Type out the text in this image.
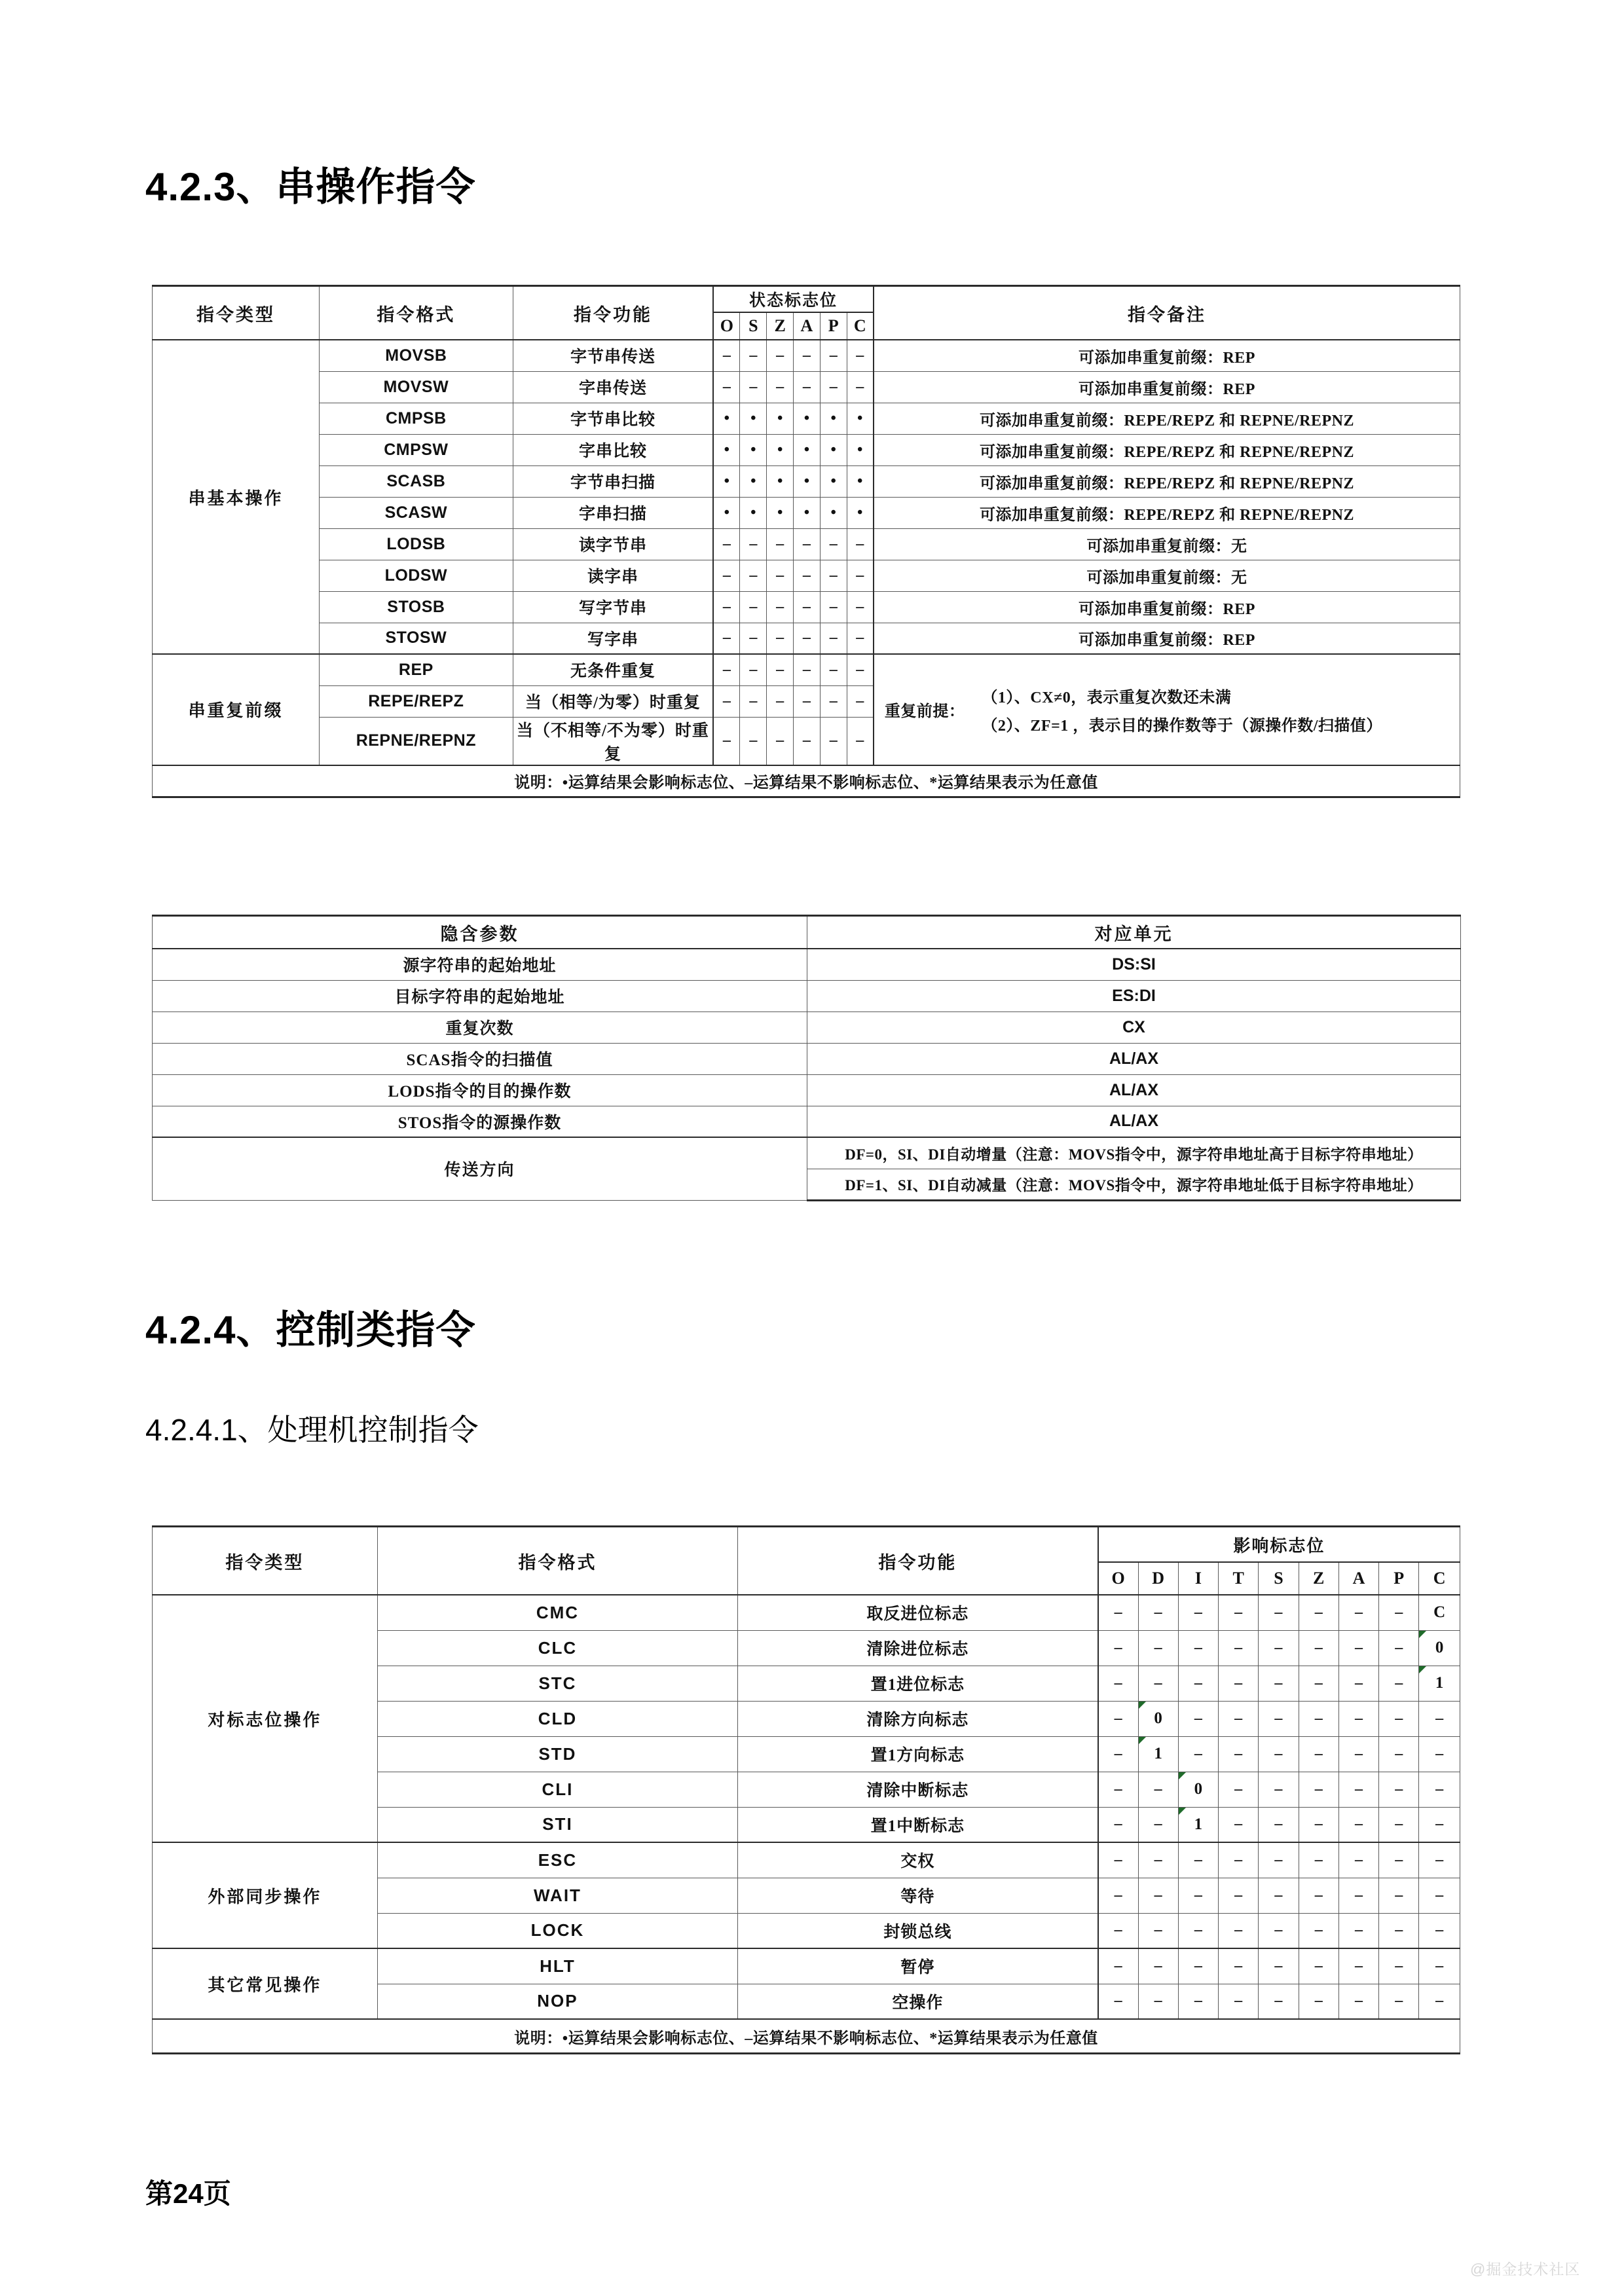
4.2.3、串操作指令
指令类型	指令格式	指令功能	状态标志位						指令备注
			O	S	Z	A	P	C	
串基本操作	MOVSB	字节串传送	–	–	–	–	–	–	可添加串重复前缀：REP
	MOVSW	字串传送	–	–	–	–	–	–	可添加串重复前缀：REP
	CMPSB	字节串比较	•	•	•	•	•	•	可添加串重复前缀：REPE/REPZ 和 REPNE/REPNZ
	CMPSW	字串比较	•	•	•	•	•	•	可添加串重复前缀：REPE/REPZ 和 REPNE/REPNZ
	SCASB	字节串扫描	•	•	•	•	•	•	可添加串重复前缀：REPE/REPZ 和 REPNE/REPNZ
	SCASW	字串扫描	•	•	•	•	•	•	可添加串重复前缀：REPE/REPZ 和 REPNE/REPNZ
	LODSB	读字节串	–	–	–	–	–	–	可添加串重复前缀：无
	LODSW	读字串	–	–	–	–	–	–	可添加串重复前缀：无
	STOSB	写字节串	–	–	–	–	–	–	可添加串重复前缀：REP
	STOSW	写字串	–	–	–	–	–	–	可添加串重复前缀：REP
串重复前缀	REP	无条件重复	–	–	–	–	–	–	重复前提：
（1）、CX≠0，表示重复次数还未满
（2）、ZF=1 ，表示目的操作数等于（源操作数/扫描值）

	REPE/REPZ	当（相等/为零）时重复	–	–	–	–	–	–	
	REPNE/REPNZ	当（不相等/不为零）时重复	–	–	–	–	–	–	
说明：•运算结果会影响标志位、–运算结果不影响标志位、*运算结果表示为任意值									
隐含参数	对应单元
源字符串的起始地址	DS:SI
目标字符串的起始地址	ES:DI
重复次数	CX
SCAS指令的扫描值	AL/AX
LODS指令的目的操作数	AL/AX
STOS指令的源操作数	AL/AX
传送方向	DF=0，SI、DI自动增量（注意：MOVS指令中，源字符串地址高于目标字符串地址）
	DF=1、SI、DI自动减量（注意：MOVS指令中，源字符串地址低于目标字符串地址）
4.2.4、控制类指令
4.2.4.1、处理机控制指令
指令类型	指令格式	指令功能	影响标志位								
			O	D	I	T	S	Z	A	P	C
对标志位操作	CMC	取反进位标志	–	–	–	–	–	–	–	–	C
	CLC	清除进位标志	–	–	–	–	–	–	–	–	0
	STC	置1进位标志	–	–	–	–	–	–	–	–	1
	CLD	清除方向标志	–	0	–	–	–	–	–	–	–
	STD	置1方向标志	–	1	–	–	–	–	–	–	–
	CLI	清除中断标志	–	–	0	–	–	–	–	–	–
	STI	置1中断标志	–	–	1	–	–	–	–	–	–
外部同步操作	ESC	交权	–	–	–	–	–	–	–	–	–
	WAIT	等待	–	–	–	–	–	–	–	–	–
	LOCK	封锁总线	–	–	–	–	–	–	–	–	–
其它常见操作	HLT	暂停	–	–	–	–	–	–	–	–	–
	NOP	空操作	–	–	–	–	–	–	–	–	–
说明：•运算结果会影响标志位、–运算结果不影响标志位、*运算结果表示为任意值											
第24页
@掘金技术社区
